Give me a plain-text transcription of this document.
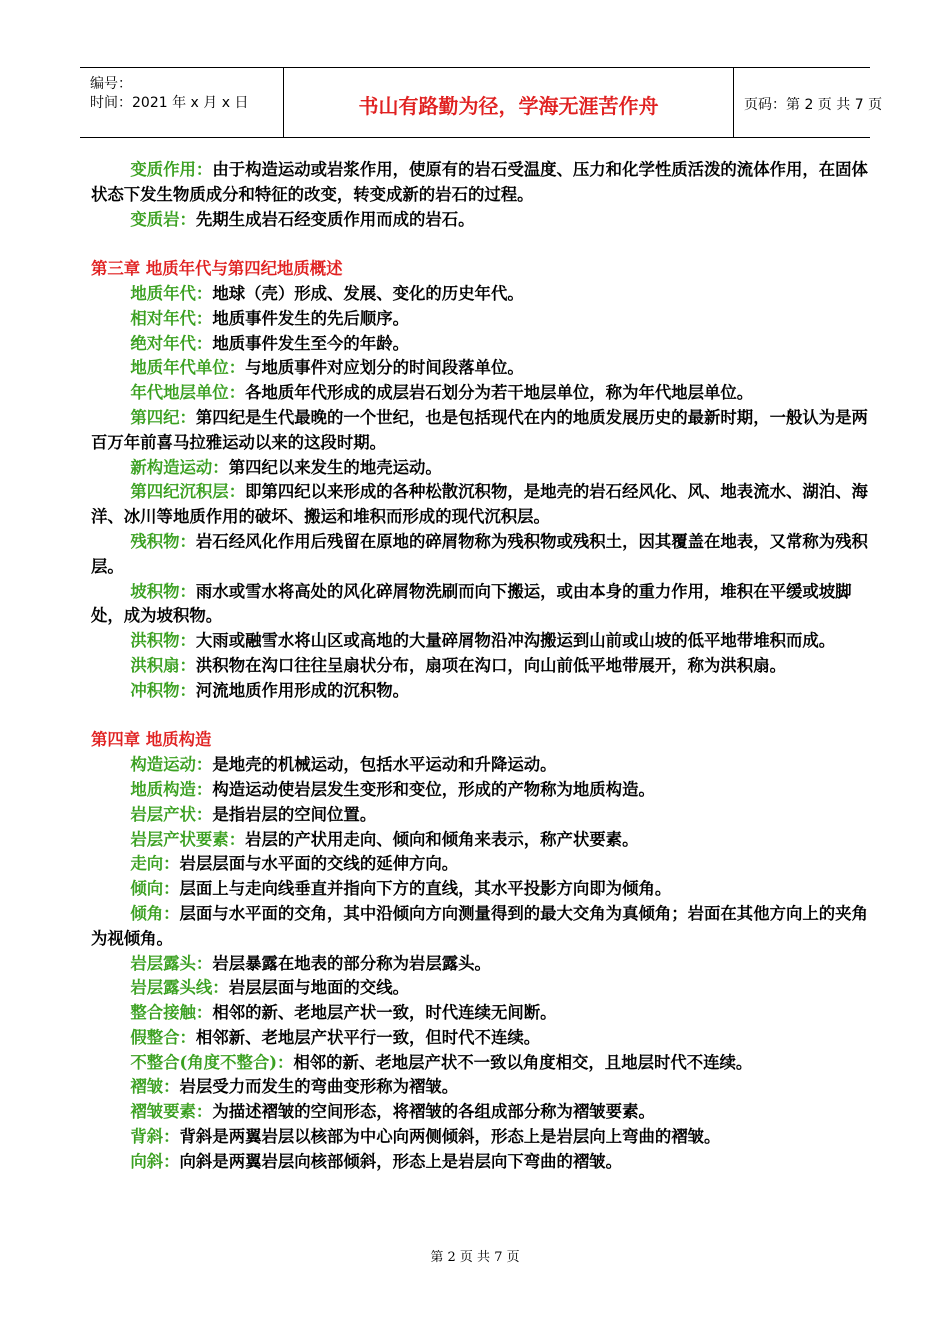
编号：
时间：2021 年 x 月 x 日	书山有路勤为径，学海无涯苦作舟	页码：第 2 页 共 7 页

变质作用：由于构造运动或岩浆作用，使原有的岩石受温度、压力和化学性质活泼的流体作用，在固体状态下发生物质成分和特征的改变，转变成新的岩石的过程。

变质岩：先期生成岩石经变质作用而成的岩石。

第三章 地质年代与第四纪地质概述

地质年代：地球（壳）形成、发展、变化的历史年代。

相对年代：地质事件发生的先后顺序。

绝对年代：地质事件发生至今的年龄。

地质年代单位：与地质事件对应划分的时间段落单位。

年代地层单位：各地质年代形成的成层岩石划分为若干地层单位，称为年代地层单位。

第四纪：第四纪是生代最晚的一个世纪，也是包括现代在内的地质发展历史的最新时期，一般认为是两百万年前喜马拉雅运动以来的这段时期。

新构造运动：第四纪以来发生的地壳运动。

第四纪沉积层：即第四纪以来形成的各种松散沉积物，是地壳的岩石经风化、风、地表流水、湖泊、海洋、冰川等地质作用的破坏、搬运和堆积而形成的现代沉积层。

残积物：岩石经风化作用后残留在原地的碎屑物称为残积物或残积土，因其覆盖在地表，又常称为残积层。

坡积物：雨水或雪水将高处的风化碎屑物洗刷而向下搬运，或由本身的重力作用，堆积在平缓或坡脚处，成为坡积物。

洪积物：大雨或融雪水将山区或高地的大量碎屑物沿冲沟搬运到山前或山坡的低平地带堆积而成。

洪积扇：洪积物在沟口往往呈扇状分布，扇项在沟口，向山前低平地带展开，称为洪积扇。

冲积物：河流地质作用形成的沉积物。

第四章 地质构造

构造运动：是地壳的机械运动，包括水平运动和升降运动。

地质构造：构造运动使岩层发生变形和变位，形成的产物称为地质构造。

岩层产状：是指岩层的空间位置。

岩层产状要素：岩层的产状用走向、倾向和倾角来表示，称产状要素。

走向：岩层层面与水平面的交线的延伸方向。

倾向：层面上与走向线垂直并指向下方的直线，其水平投影方向即为倾角。

倾角：层面与水平面的交角，其中沿倾向方向测量得到的最大交角为真倾角；岩面在其他方向上的夹角为视倾角。

岩层露头：岩层暴露在地表的部分称为岩层露头。

岩层露头线：岩层层面与地面的交线。

整合接触：相邻的新、老地层产状一致，时代连续无间断。

假整合：相邻新、老地层产状平行一致，但时代不连续。

不整合(角度不整合)：相邻的新、老地层产状不一致以角度相交，且地层时代不连续。

褶皱：岩层受力而发生的弯曲变形称为褶皱。

褶皱要素：为描述褶皱的空间形态，将褶皱的各组成部分称为褶皱要素。

背斜：背斜是两翼岩层以核部为中心向两侧倾斜，形态上是岩层向上弯曲的褶皱。

向斜：向斜是两翼岩层向核部倾斜，形态上是岩层向下弯曲的褶皱。

第 2 页 共 7 页
